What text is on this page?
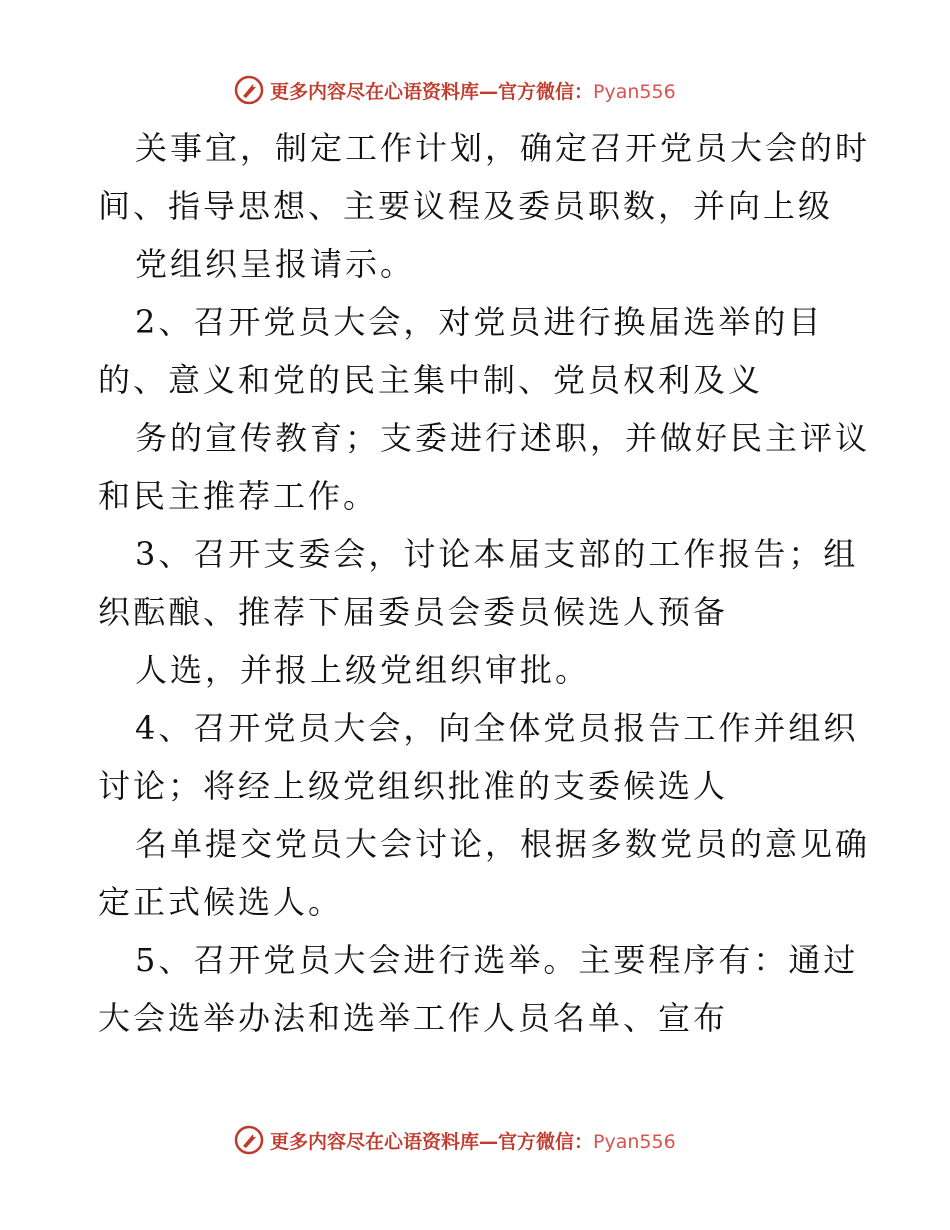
更多内容尽在心语资料库—官方微信：Pyan556
关事宜，制定工作计划，确定召开党员大会的时
间、指导思想、主要议程及委员职数，并向上级
党组织呈报请示。
2、召开党员大会，对党员进行换届选举的目
的、意义和党的民主集中制、党员权利及义
务的宣传教育；支委进行述职，并做好民主评议
和民主推荐工作。
3、召开支委会，讨论本届支部的工作报告；组
织酝酿、推荐下届委员会委员候选人预备
人选，并报上级党组织审批。
4、召开党员大会，向全体党员报告工作并组织
讨论；将经上级党组织批准的支委候选人
名单提交党员大会讨论，根据多数党员的意见确
定正式候选人。
5、召开党员大会进行选举。主要程序有：通过
大会选举办法和选举工作人员名单、宣布
更多内容尽在心语资料库—官方微信：Pyan556
